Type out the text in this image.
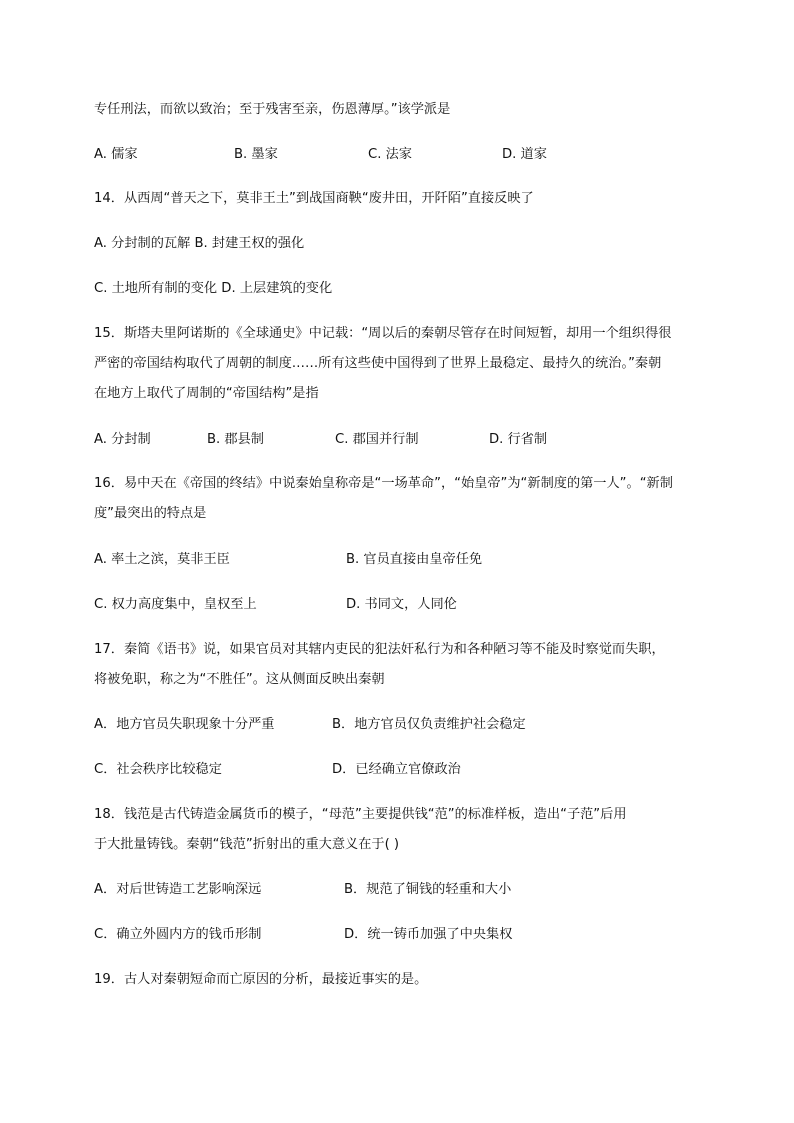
专任刑法，而欲以致治；至于残害至亲，伤恩薄厚。”该学派是
A. 儒家	B. 墨家	C. 法家	D. 道家
14．从西周“普天之下，莫非王土”到战国商鞅“废井田，开阡陌”直接反映了
A. 分封制的瓦解 B. 封建王权的强化
C. 土地所有制的变化 D. 上层建筑的变化
15．斯塔夫里阿诺斯的《全球通史》中记载：“周以后的秦朝尽管存在时间短暂，却用一个组织得很
严密的帝国结构取代了周朝的制度……所有这些使中国得到了世界上最稳定、最持久的统治。”秦朝
在地方上取代了周制的“帝国结构”是指
A. 分封制	B. 郡县制	C. 郡国并行制	D. 行省制
16．易中天在《帝国的终结》中说秦始皇称帝是“一场革命”，“始皇帝”为“新制度的第一人”。“新制
度”最突出的特点是
A. 率土之滨，莫非王臣	B. 官员直接由皇帝任免
C. 权力高度集中，皇权至上	D. 书同文，人同伦
17．秦简《语书》说，如果官员对其辖内吏民的犯法奸私行为和各种陋习等不能及时察觉而失职，
将被免职，称之为“不胜任”。这从侧面反映出秦朝
A．地方官员失职现象十分严重	B．地方官员仅负责维护社会稳定
C．社会秩序比较稳定	D．已经确立官僚政治
18．钱范是古代铸造金属货币的模子，“母范”主要提供钱“范”的标准样板，造出“子范”后用
于大批量铸钱。秦朝“钱范”折射出的重大意义在于( )
A．对后世铸造工艺影响深远	B．规范了铜钱的轻重和大小
C．确立外圆内方的钱币形制	D．统一铸币加强了中央集权
19．古人对秦朝短命而亡原因的分析，最接近事实的是。
